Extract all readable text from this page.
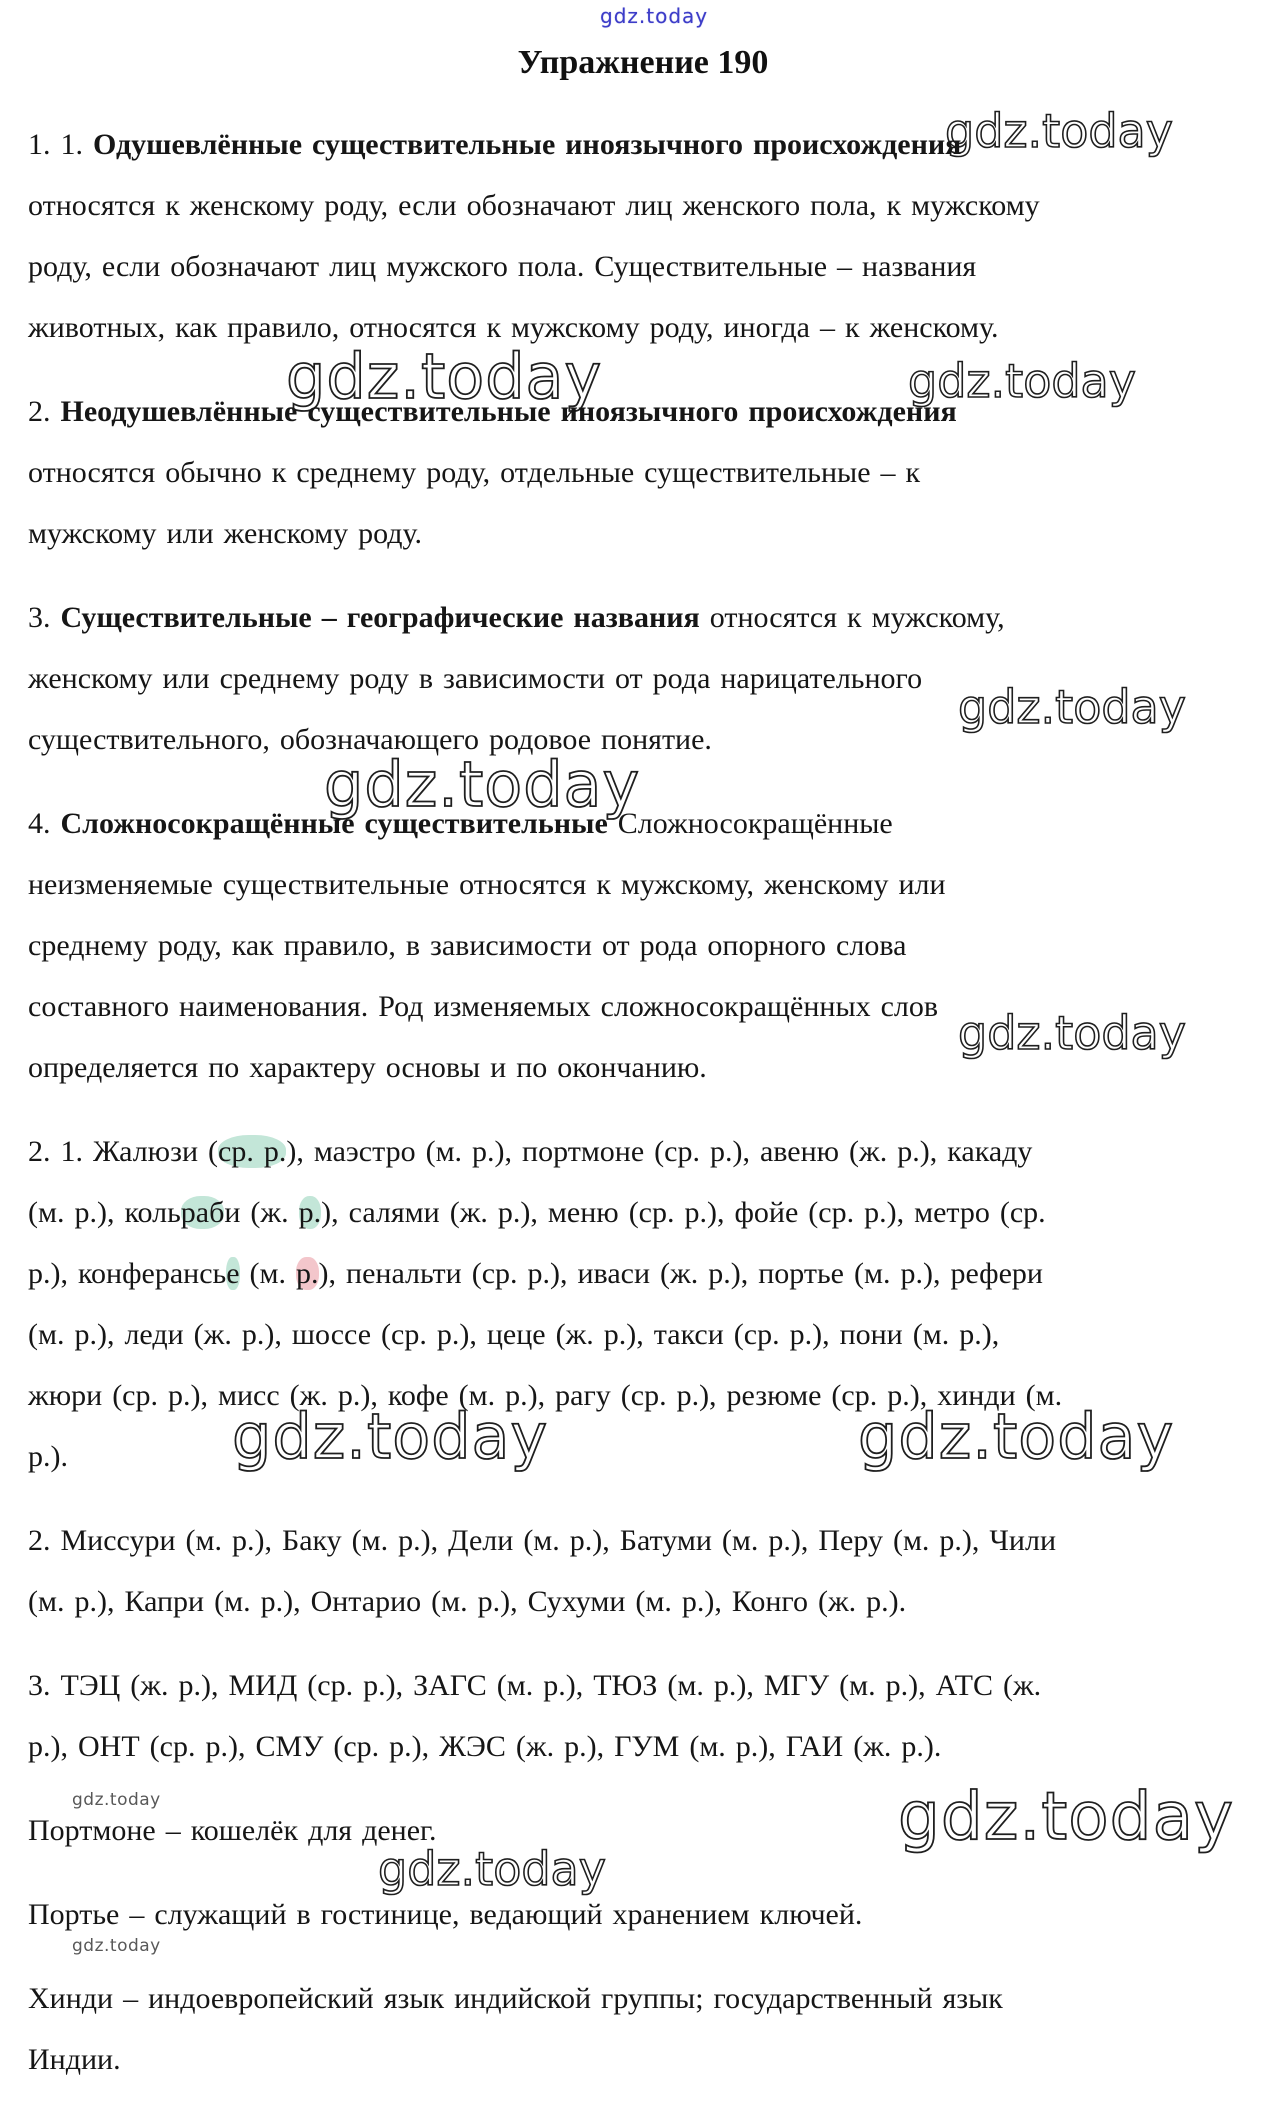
gdz.today
gdz.today
gdz.today	gdz.today
gdz.today
gdz.today
gdz.today
gdz.today	gdz.today
gdz.today	gdz.today
gdz.today
gdz.today
Упражнение 190
1. 1. Одушевлённые существительные иноязычного происхождения
относятся к женскому роду, если обозначают лиц женского пола, к мужскому
роду, если обозначают лиц мужского пола. Существительные – названия
животных, как правило, относятся к мужскому роду, иногда – к женскому.
2. Неодушевлённые существительные иноязычного происхождения
относятся обычно к среднему роду, отдельные существительные – к
мужскому или женскому роду.
3. Существительные – географические названия относятся к мужскому,
женскому или среднему роду в зависимости от рода нарицательного
существительного, обозначающего родовое понятие.
4. Сложносокращённые существительные Сложносокращённые
неизменяемые существительные относятся к мужскому, женскому или
среднему роду, как правило, в зависимости от рода опорного слова
составного наименования. Род изменяемых сложносокращённых слов
определяется по характеру основы и по окончанию.
2. 1. Жалюзи (ср. р.), маэстро (м. р.), портмоне (ср. р.), авеню (ж. р.), какаду
(м. р.), кольраби (ж. р.), салями (ж. р.), меню (ср. р.), фойе (ср. р.), метро (ср.
р.), конферансье (м. р.), пенальти (ср. р.), иваси (ж. р.), портье (м. р.), рефери
(м. р.), леди (ж. р.), шоссе (ср. р.), цеце (ж. р.), такси (ср. р.), пони (м. р.),
жюри (ср. р.), мисс (ж. р.), кофе (м. р.), рагу (ср. р.), резюме (ср. р.), хинди (м.
р.).
2. Миссури (м. р.), Баку (м. р.), Дели (м. р.), Батуми (м. р.), Перу (м. р.), Чили
(м. р.), Капри (м. р.), Онтарио (м. р.), Сухуми (м. р.), Конго (ж. р.).
3. ТЭЦ (ж. р.), МИД (ср. р.), ЗАГС (м. р.), ТЮЗ (м. р.), МГУ (м. р.), АТС (ж.
р.), ОНТ (ср. р.), СМУ (ср. р.), ЖЭС (ж. р.), ГУМ (м. р.), ГАИ (ж. р.).
Портмоне – кошелёк для денег.
Портье – служащий в гостинице, ведающий хранением ключей.
Хинди – индоевропейский язык индийской группы; государственный язык
Индии.
